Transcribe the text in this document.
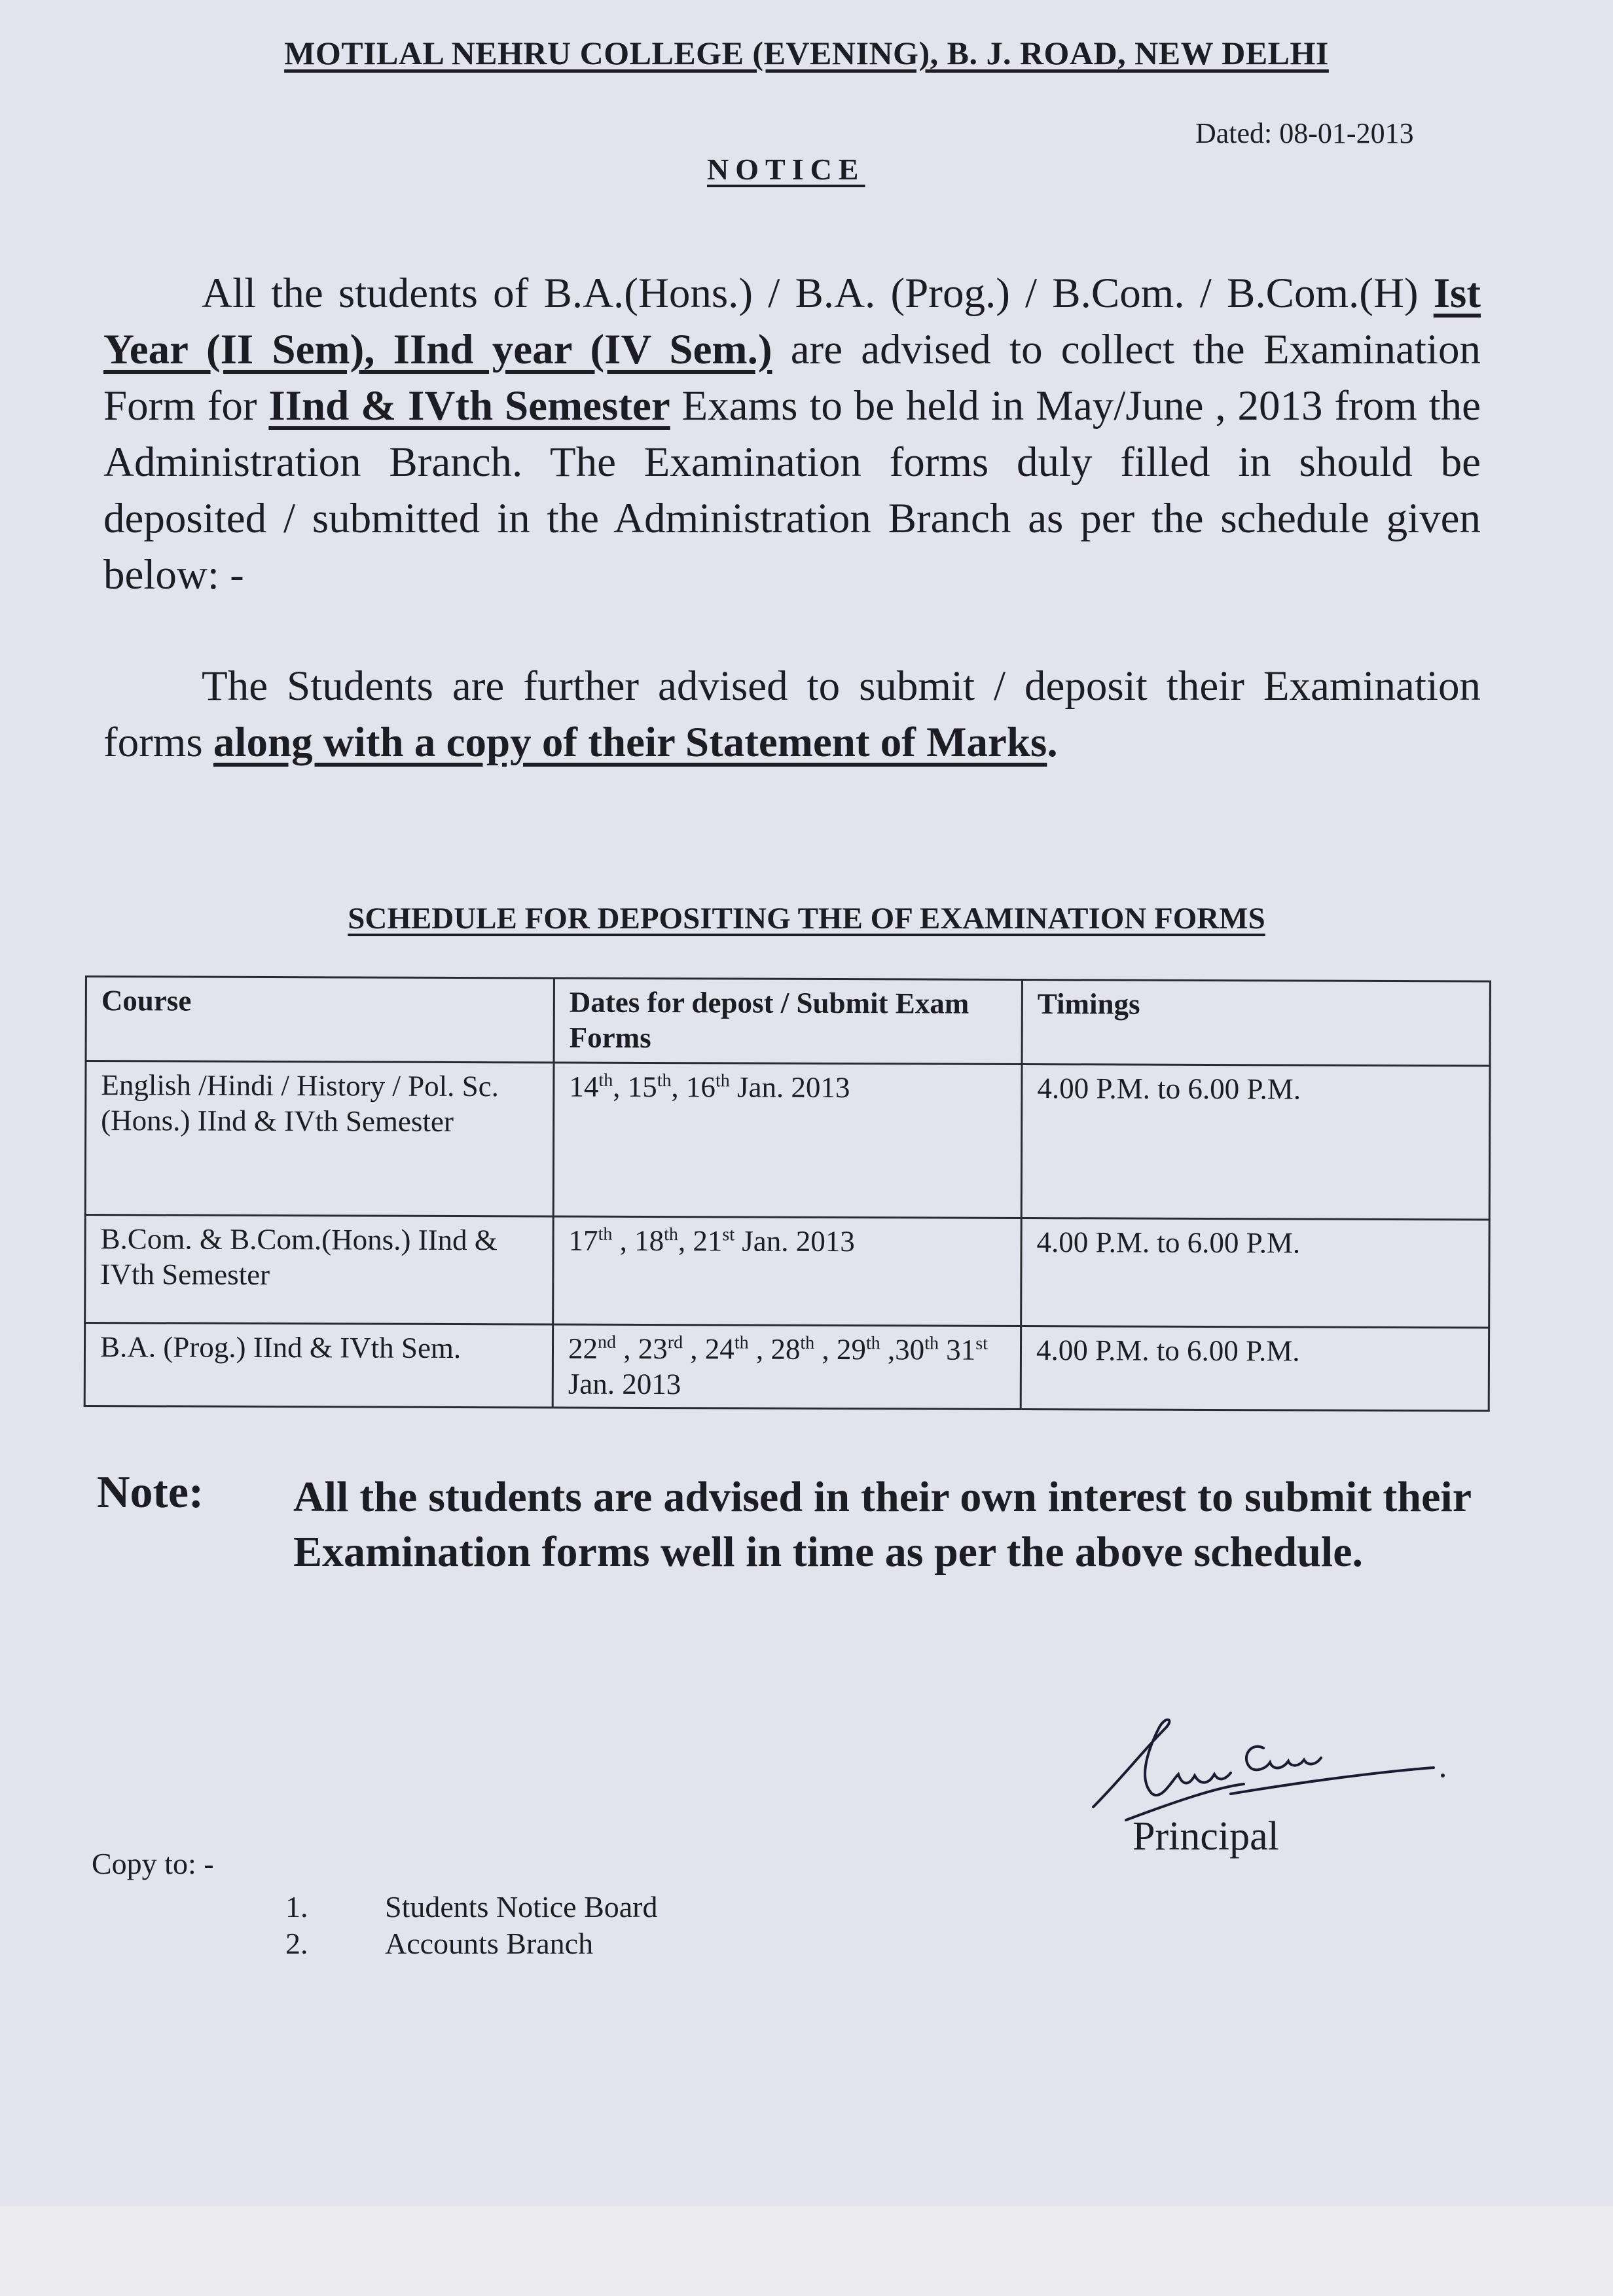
MOTILAL NEHRU COLLEGE (EVENING), B. J. ROAD, NEW DELHI
Dated: 08-01-2013
NOTICE
All the students of B.A.(Hons.) / B.A. (Prog.) / B.Com. / B.Com.(H) Ist Year (II Sem), IInd year (IV Sem.) are advised to collect the Examination Form for IInd & IVth Semester Exams to be held in May/June , 2013 from the Administration Branch. The Examination forms duly filled in should be deposited / submitted in the Administration Branch as per the schedule given below: -
The Students are further advised to submit / deposit their Examination forms along with a copy of their Statement of Marks.
SCHEDULE FOR DEPOSITING THE OF EXAMINATION FORMS
Course	Dates for depost / Submit Exam Forms	Timings
English /Hindi / History / Pol. Sc. (Hons.) IInd & IVth Semester	14th, 15th, 16th Jan. 2013	4.00 P.M. to 6.00 P.M.
B.Com. & B.Com.(Hons.) IInd & IVth Semester	17th , 18th, 21st Jan. 2013	4.00 P.M. to 6.00 P.M.
B.A. (Prog.) IInd & IVth Sem.	22nd , 23rd , 24th , 28th , 29th ,30th 31st Jan. 2013	4.00 P.M. to 6.00 P.M.
Note: All the students are advised in their own interest to submit their Examination forms well in time as per the above schedule.
Principal
Copy to: -
1.	Students Notice Board
2.	Accounts Branch
